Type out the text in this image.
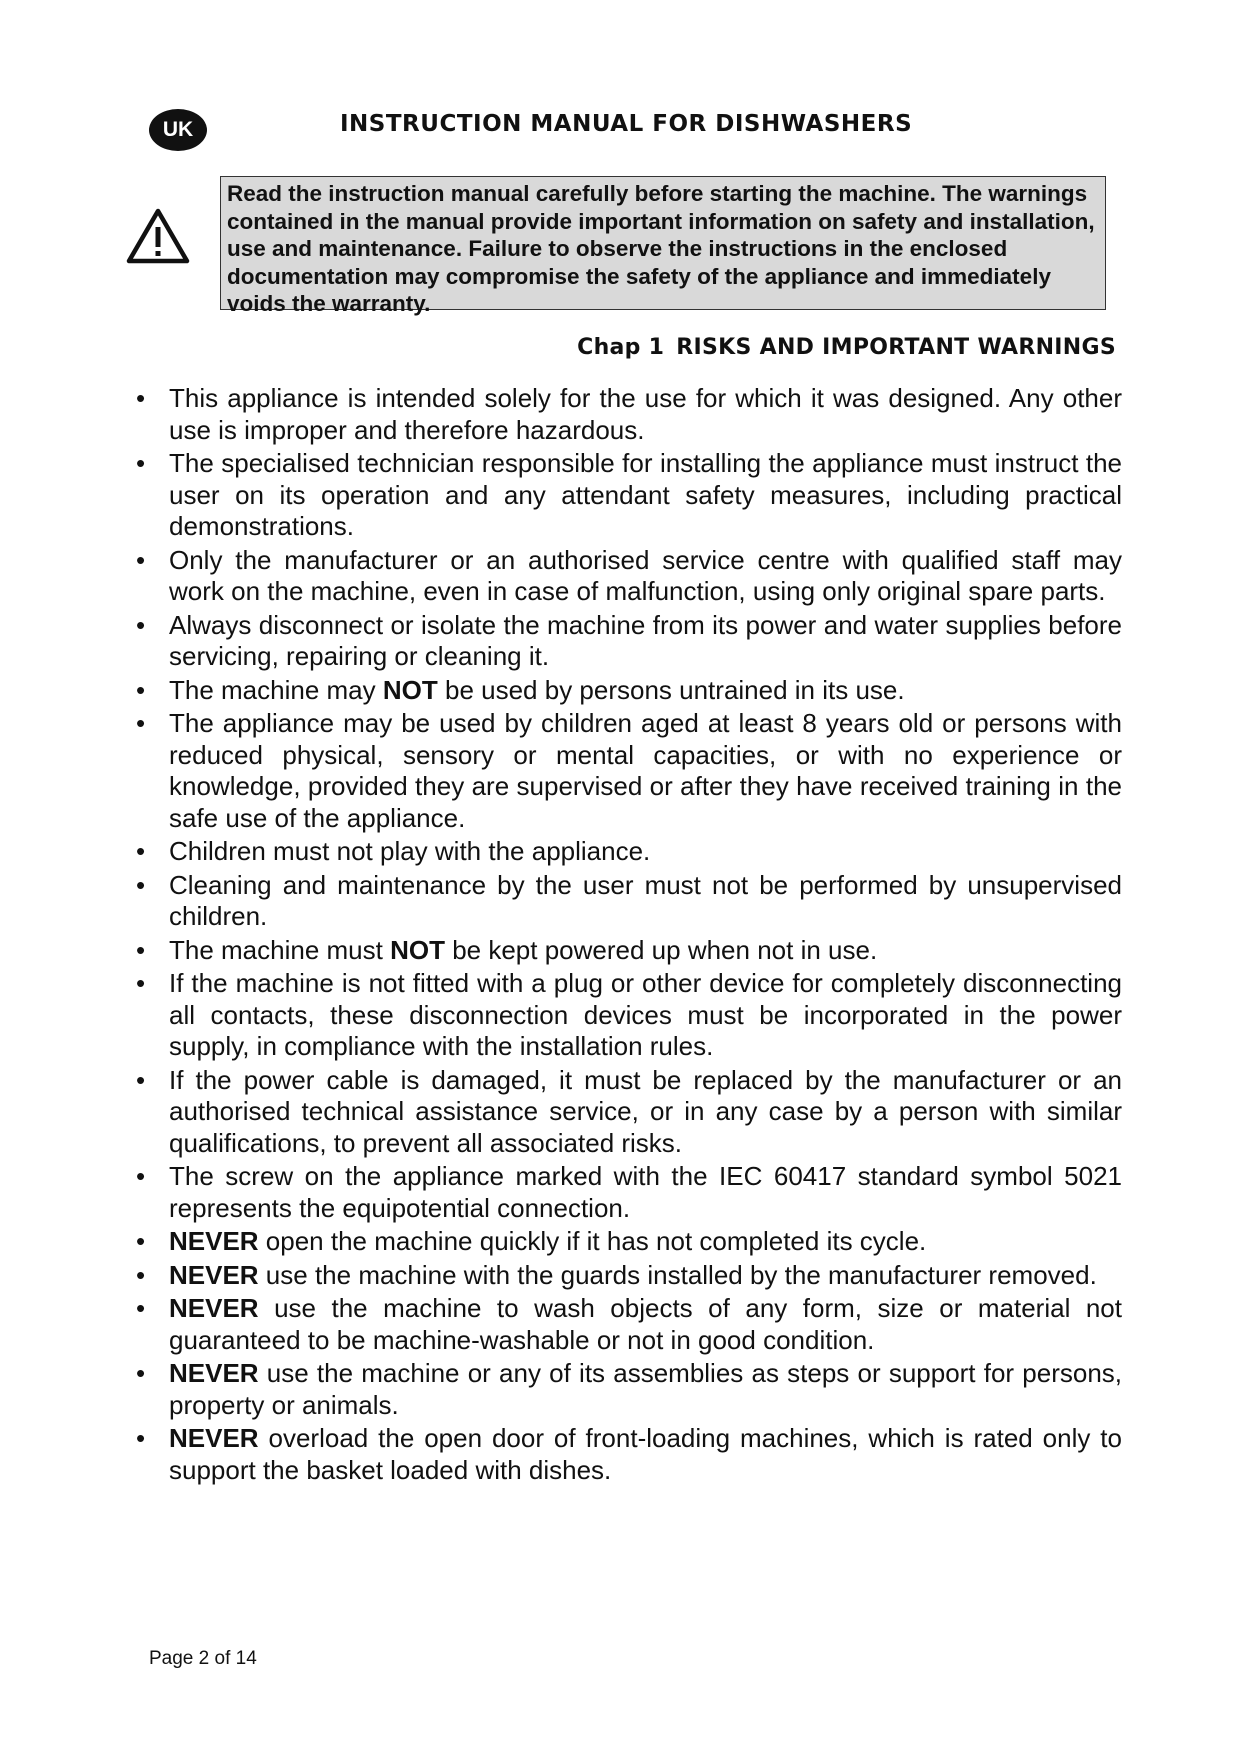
UK	INSTRUCTION MANUAL FOR DISHWASHERS
Read the instruction manual carefully before starting the machine. The warnings contained in the manual provide important information on safety and installation, use and maintenance. Failure to observe the instructions in the enclosed documentation may compromise the safety of the appliance and immediately voids the warranty.
Chap 1 RISKS AND IMPORTANT WARNINGS
• This appliance is intended solely for the use for which it was designed. Any other use is improper and therefore hazardous.
• The specialised technician responsible for installing the appliance must instruct the user on its operation and any attendant safety measures, including practical demonstrations.
• Only the manufacturer or an authorised service centre with qualified staff may work on the machine, even in case of malfunction, using only original spare parts.
• Always disconnect or isolate the machine from its power and water supplies before servicing, repairing or cleaning it.
• The machine may NOT be used by persons untrained in its use.
• The appliance may be used by children aged at least 8 years old or persons with reduced physical, sensory or mental capacities, or with no experience or knowledge, provided they are supervised or after they have received training in the safe use of the appliance.
• Children must not play with the appliance.
• Cleaning and maintenance by the user must not be performed by unsupervised children.
• The machine must NOT be kept powered up when not in use.
• If the machine is not fitted with a plug or other device for completely disconnecting all contacts, these disconnection devices must be incorporated in the power supply, in compliance with the installation rules.
• If the power cable is damaged, it must be replaced by the manufacturer or an authorised technical assistance service, or in any case by a person with similar qualifications, to prevent all associated risks.
• The screw on the appliance marked with the IEC 60417 standard symbol 5021 represents the equipotential connection.
• NEVER open the machine quickly if it has not completed its cycle.
• NEVER use the machine with the guards installed by the manufacturer removed.
• NEVER use the machine to wash objects of any form, size or material not guaranteed to be machine-washable or not in good condition.
• NEVER use the machine or any of its assemblies as steps or support for persons, property or animals.
• NEVER overload the open door of front-loading machines, which is rated only to support the basket loaded with dishes.
Page 2 of 14
